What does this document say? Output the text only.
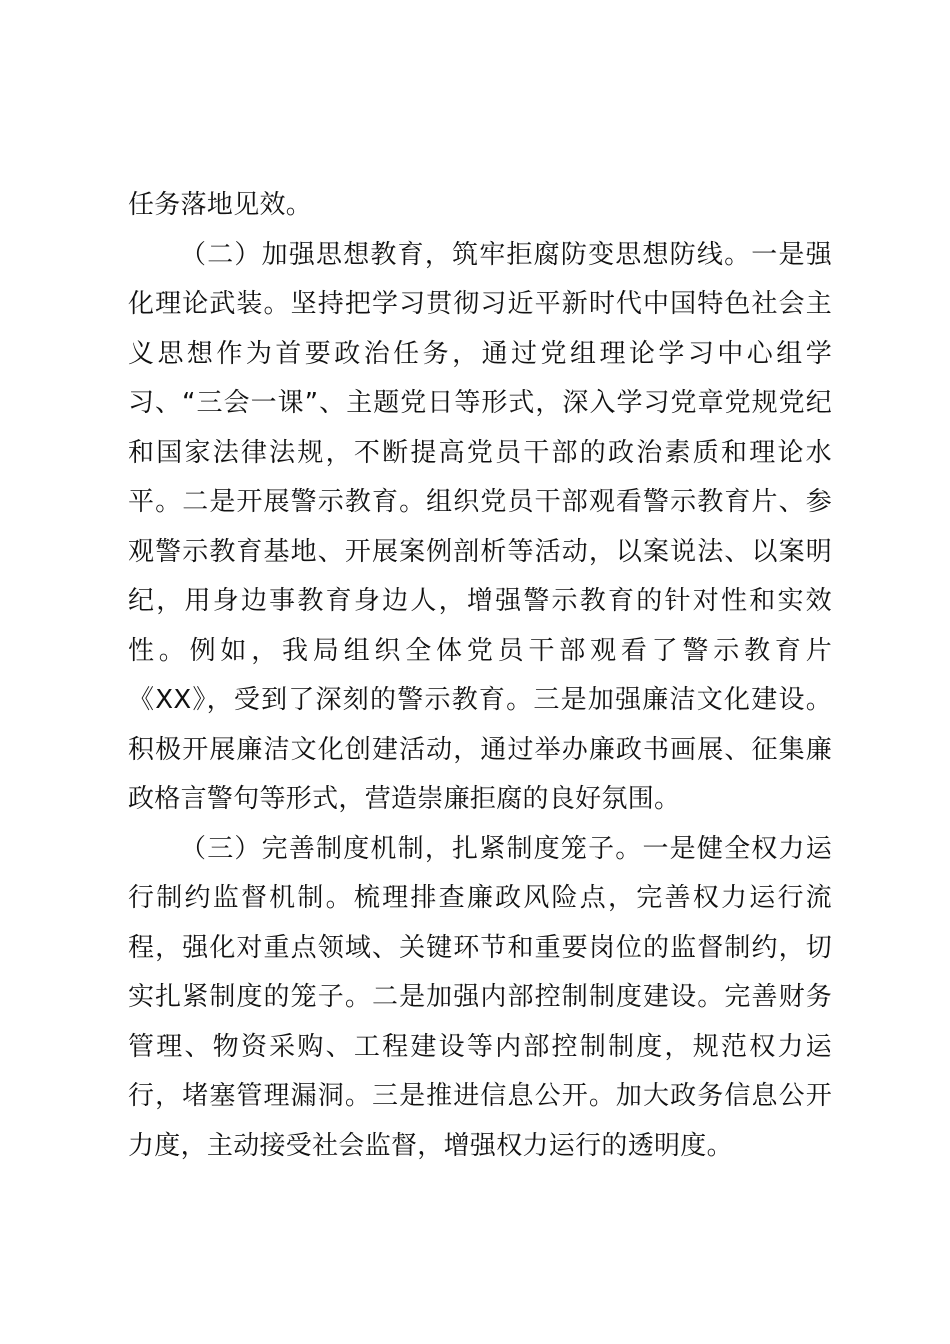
任务落地见效。

（二）加强思想教育，筑牢拒腐防变思想防线。一是强化理论武装。坚持把学习贯彻习近平新时代中国特色社会主义思想作为首要政治任务，通过党组理论学习中心组学习、“三会一课”、主题党日等形式，深入学习党章党规党纪和国家法律法规，不断提高党员干部的政治素质和理论水平。二是开展警示教育。组织党员干部观看警示教育片、参观警示教育基地、开展案例剖析等活动，以案说法、以案明纪，用身边事教育身边人，增强警示教育的针对性和实效性。例如，我局组织全体党员干部观看了警示教育片《XX》，受到了深刻的警示教育。三是加强廉洁文化建设。积极开展廉洁文化创建活动，通过举办廉政书画展、征集廉政格言警句等形式，营造崇廉拒腐的良好氛围。

（三）完善制度机制，扎紧制度笼子。一是健全权力运行制约监督机制。梳理排查廉政风险点，完善权力运行流程，强化对重点领域、关键环节和重要岗位的监督制约，切实扎紧制度的笼子。二是加强内部控制制度建设。完善财务管理、物资采购、工程建设等内部控制制度，规范权力运行，堵塞管理漏洞。三是推进信息公开。加大政务信息公开力度，主动接受社会监督，增强权力运行的透明度。
